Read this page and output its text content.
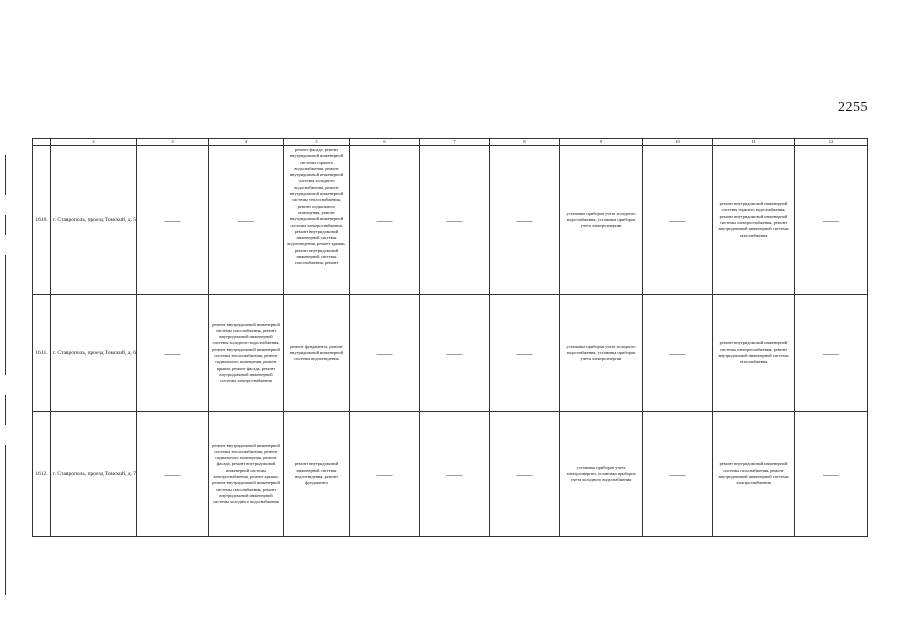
2255
	2	3	4	5	6	7	8	9	10	11	12
1610.	г. Ставрополь, проезд Томский, д. 5	——	——	ремонт фасада, ремонт внутридомовой инженерной системы горячего водоснабжения, ремонт внутридомовой инженерной системы холодного водоснабжения, ремонт внутридомовой инженерной системы теплоснабжения, ремонт подвального помещения, ремонт внутридомовой инженерной системы электроснабжения, ремонт внутридомовой инженерной системы водоотведения, ремонт крыши, ремонт внутридомовой инженерной системы газоснабжения, ремонт	——	——	——	установка приборов учета холодного водоснабжения, установка приборов учета электроэнергии	——	ремонт внутридомовой инженерной системы горячего водоснабжения, ремонт внутридомовой инженерной системы электроснабжения, ремонт внутридомовой инженерной системы газоснабжения	——
1611.	г. Ставрополь, проезд Томский, д. 6	——	ремонт внутридомовой инженерной системы газоснабжения, ремонт внутридомовой инженерной системы холодного водоснабжения, ремонт внутридомовой инженерной системы теплоснабжения, ремонт подвального помещения, ремонт крыши, ремонт фасада, ремонт внутридомовой инженерной системы электроснабжения	ремонт фундамента, ремонт внутридомовой инженерной системы водоотведения	——	——	——	установка приборов учета холодного водоснабжения, установка приборов учета электроэнергии	——	ремонт внутридомовой инженерной системы электроснабжения, ремонт внутридомовой инженерной системы газоснабжения	——
1612.	г. Ставрополь, проезд Томский, д. 7	——	ремонт внутридомовой инженерной системы теплоснабжения, ремонт подвального помещения, ремонт фасада, ремонт внутридомовой инженерной системы электроснабжения, ремонт крыши, ремонт внутридомовой инженерной системы газоснабжения, ремонт внутридомовой инженерной системы холодного водоснабжения	ремонт внутридомовой инженерной системы водоотведения, ремонт фундамента	——	——	——	установка приборов учета электроэнергии, установка приборов учета холодного водоснабжения	——	ремонт внутридомовой инженерной системы газоснабжения, ремонт внутридомовой инженерной системы электроснабжения	——
